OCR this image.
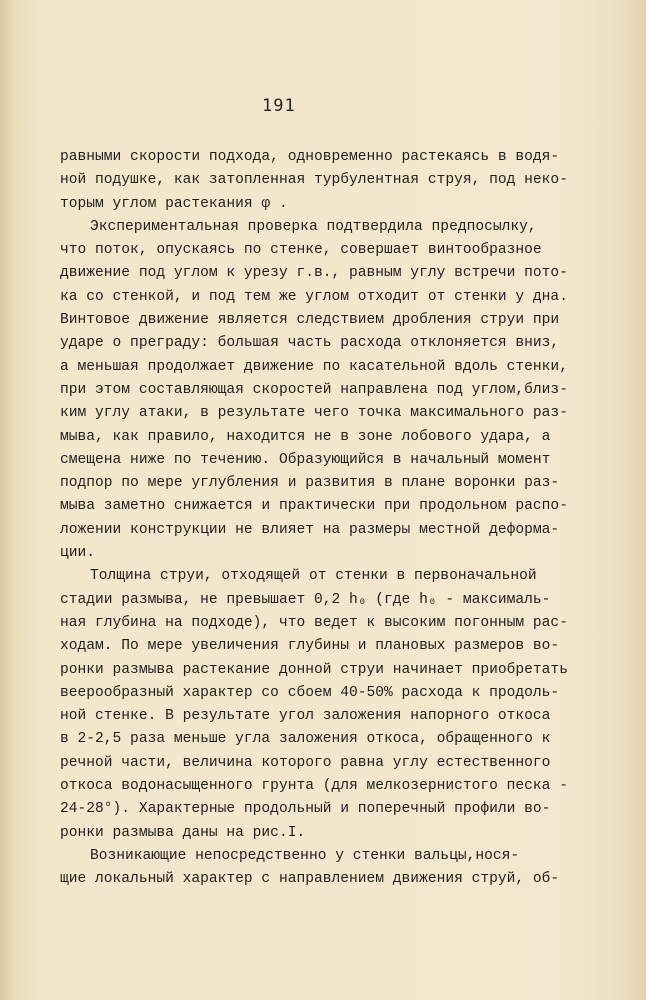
191
равными скорости подхода, одновременно растекаясь в водя-
ной подушке, как затопленная турбулентная струя, под неко-
торым углом растекания φ .
Экспериментальная проверка подтвердила предпосылку,
что поток, опускаясь по стенке, совершает винтообразное
движение под углом к урезу г.в., равным углу встречи пото-
ка со стенкой, и под тем же углом отходит от стенки у дна.
Винтовое движение является следствием дробления струи при
ударе о преграду: большая часть расхода отклоняется вниз,
а меньшая продолжает движение по касательной вдоль стенки,
при этом составляющая скоростей направлена под углом,близ-
ким углу атаки, в результате чего точка максимального раз-
мыва, как правило, находится не в зоне лобового удара, а
смещена ниже по течению. Образующийся в начальный момент
подпор по мере углубления и развития в плане воронки раз-
мыва заметно снижается и практически при продольном распо-
ложении конструкции не влияет на размеры местной деформа-
ции.
Толщина струи, отходящей от стенки в первоначальной
стадии размыва, не превышает 0,2 h₀ (где h₀ - максималь-
ная глубина на подходе), что ведет к высоким погонным рас-
ходам. По мере увеличения глубины и плановых размеров во-
ронки размыва растекание донной струи начинает приобретать
веерообразный характер со сбоем 40-50% расхода к продоль-
ной стенке. В результате угол заложения напорного откоса
в 2-2,5 раза меньше угла заложения откоса, обращенного к
речной части, величина которого равна углу естественного
откоса водонасыщенного грунта (для мелкозернистого песка -
24-28°). Характерные продольный и поперечный профили во-
ронки размыва даны на рис.I.
Возникающие непосредственно у стенки вальцы,нося-
щие локальный характер с направлением движения струй, об-
